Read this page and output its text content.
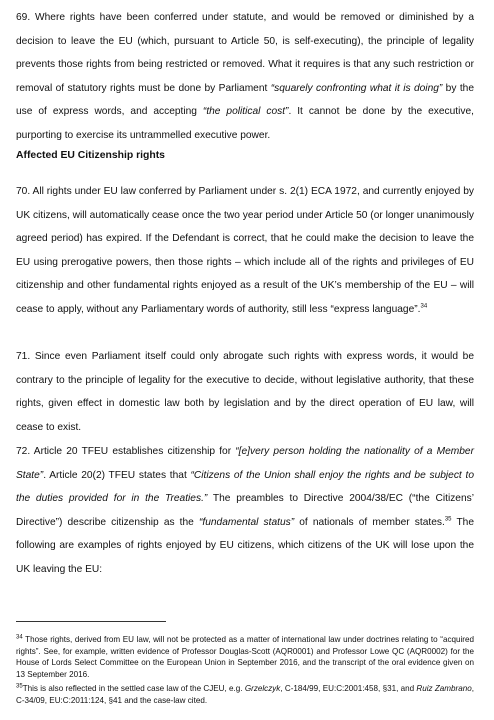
69. Where rights have been conferred under statute, and would be removed or diminished by a decision to leave the EU (which, pursuant to Article 50, is self-executing), the principle of legality prevents those rights from being restricted or removed. What it requires is that any such restriction or removal of statutory rights must be done by Parliament “squarely confronting what it is doing” by the use of express words, and accepting “the political cost”. It cannot be done by the executive, purporting to exercise its untrammelled executive power.
Affected EU Citizenship rights
70. All rights under EU law conferred by Parliament under s. 2(1) ECA 1972, and currently enjoyed by UK citizens, will automatically cease once the two year period under Article 50 (or longer unanimously agreed period) has expired. If the Defendant is correct, that he could make the decision to leave the EU using prerogative powers, then those rights – which include all of the rights and privileges of EU citizenship and other fundamental rights enjoyed as a result of the UK’s membership of the EU – will cease to apply, without any Parliamentary words of authority, still less “express language”.$^{34}$
71. Since even Parliament itself could only abrogate such rights with express words, it would be contrary to the principle of legality for the executive to decide, without legislative authority, that these rights, given effect in domestic law both by legislation and by the direct operation of EU law, will cease to exist.
72. Article 20 TFEU establishes citizenship for “[e]very person holding the nationality of a Member State”. Article 20(2) TFEU states that “Citizens of the Union shall enjoy the rights and be subject to the duties provided for in the Treaties.” The preambles to Directive 2004/38/EC (“the Citizens’ Directive”) describe citizenship as the “fundamental status” of nationals of member states.$^{35}$ The following are examples of rights enjoyed by EU citizens, which citizens of the UK will lose upon the UK leaving the EU:
$^{34}$ Those rights, derived from EU law, will not be protected as a matter of international law under doctrines relating to “acquired rights”. See, for example, written evidence of Professor Douglas-Scott (AQR0001) and Professor Lowe QC (AQR0002) for the House of Lords Select Committee on the European Union in September 2016, and the transcript of the oral evidence given on 13 September 2016.
$^{35}$This is also reflected in the settled case law of the CJEU, e.g. Grzelczyk, C-184/99, EU:C:2001:458, §31, and Ruiz Zambrano, C-34/09, EU:C:2011:124, §41 and the case-law cited.
